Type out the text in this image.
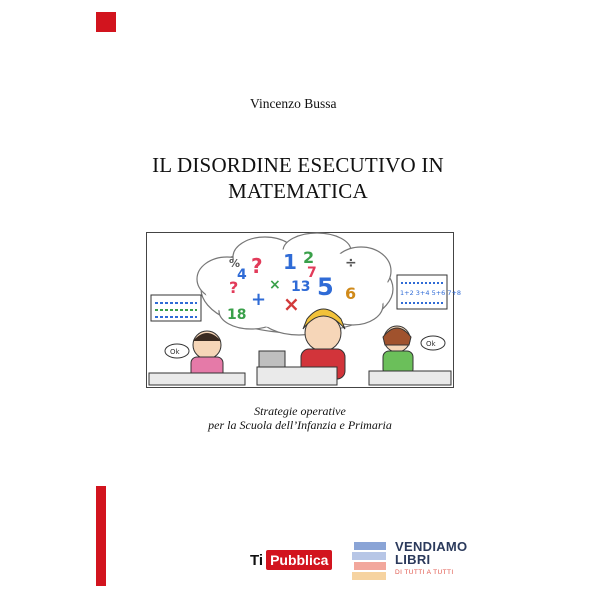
Vincenzo Bussa
IL DISORDINE ESECUTIVO IN
MATEMATICA
?
?
%	÷
1
5 6
13
+ ×
18
×
2
4	7
1+2 3+4 5+6 7+8
Ok
Ok
Strategie operative
per la Scuola dell’Infanzia e Primaria
Ti Pubblica
VENDIAMO
LIBRI
DI TUTTI A TUTTI
